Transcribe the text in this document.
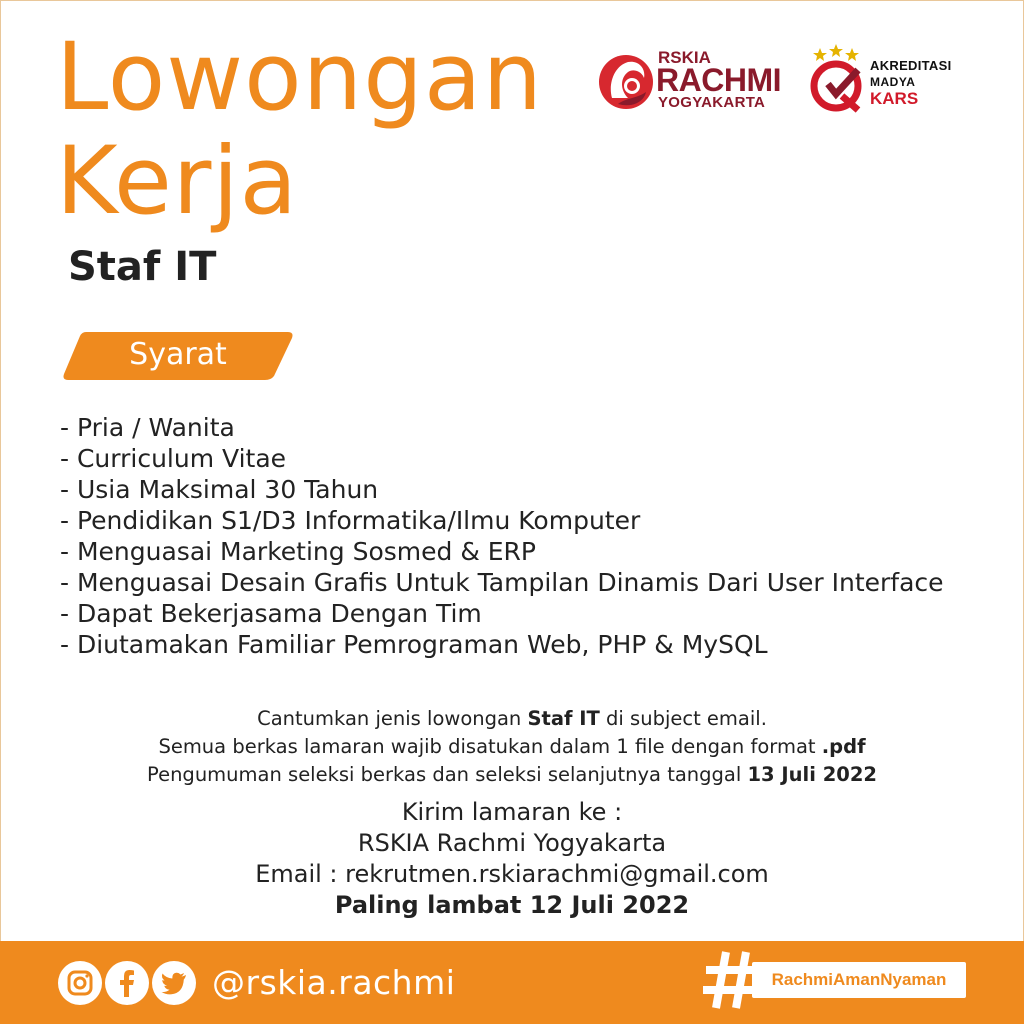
Lowongan
Kerja
Staf IT
RSKIA
RACHMI
YOGYAKARTA
AKREDITASI
MADYA
KARS
Syarat
- Pria / Wanita
- Curriculum Vitae
- Usia Maksimal 30 Tahun
- Pendidikan S1/D3 Informatika/Ilmu Komputer
- Menguasai Marketing Sosmed & ERP
- Menguasai Desain Grafis Untuk Tampilan Dinamis Dari User Interface
- Dapat Bekerjasama Dengan Tim
- Diutamakan Familiar Pemrograman Web, PHP & MySQL
Cantumkan jenis lowongan Staf IT di subject email.
Semua berkas lamaran wajib disatukan dalam 1 file dengan format .pdf
Pengumuman seleksi berkas dan seleksi selanjutnya tanggal 13 Juli 2022
Kirim lamaran ke :
RSKIA Rachmi Yogyakarta
Email : rekrutmen.rskiarachmi@gmail.com
Paling lambat 12 Juli 2022
@rskia.rachmi	RachmiAmanNyaman
